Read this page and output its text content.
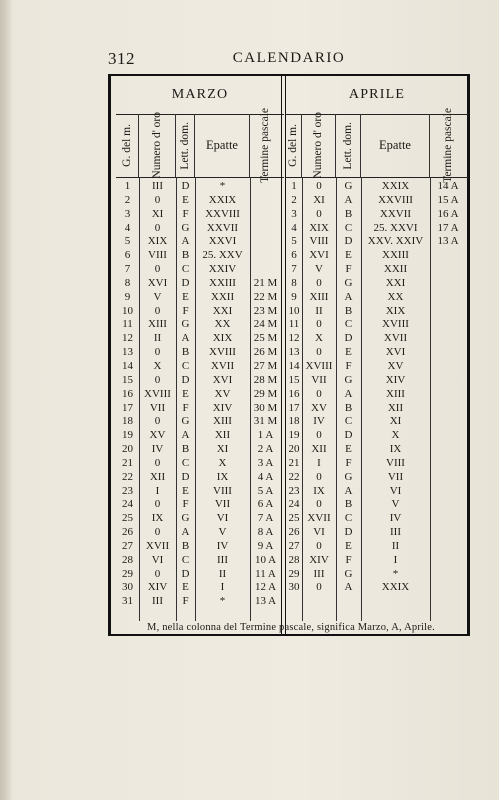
312	CALENDARIO
MARZO
G. del m. Numero d' oro Lett. dom. Epatte Termine pascale
1	III	D	*
2	0	E	XXIX
3	XI	F	XXVIII
4	0	G	XXVII
5	XIX	A	XXVI
6	VIII	B	25. XXV
7	0	C	XXIV
8	XVI	D	XXIII	21 M
9	V	E	XXII	22 M
10	0	F	XXI	23 M
11	XIII	G	XX	24 M
12	II	A	XIX	25 M
13	0	B	XVIII	26 M
14	X	C	XVII	27 M
15	0	D	XVI	28 M
16	XVIII	E	XV	29 M
17	VII	F	XIV	30 M
18	0	G	XIII	31 M
19	XV	A	XII	1 A
20	IV	B	XI	2 A
21	0	C	X	3 A
22	XII	D	IX	4 A
23	I	E	VIII	5 A
24	0	F	VII	6 A
25	IX	G	VI	7 A
26	0	A	V	8 A
27	XVII	B	IV	9 A
28	VI	C	III	10 A
29	0	D	II	11 A
30	XIV	E	I	12 A
31	III	F	*	13 A
APRILE
G. del m. Numero d' oro Lett. dom. Epatte	Termine pascale
1	0	G	XXIX	14 A
2	XI	A	XXVIII	15 A
3	0	B	XXVII	16 A
4	XIX	C	25. XXVI	17 A
5	VIII	D	XXV. XXIV	13 A
6	XVI	E	XXIII
7	V	F	XXII
8	0	G	XXI
9	XIII	A	XX
10	II	B	XIX
11	0	C	XVIII
12	X	D	XVII
13	0	E	XVI
14 XVIII	F	XV
15	VII	G	XIV
16	0	A	XIII
17	XV	B	XII
18	IV	C	XI
19	0	D	X
20	XII	E	IX
21	I	F	VIII
22	0	G	VII
23	IX	A	VI
24	0	B	V
25 XVII	C	IV
26	VI	D	III
27	0	E	II
28 XIV	F	I
29	III	G	*
30	0	A	XXIX
M, nella colonna del Termine pascale, significa Marzo, A, Aprile.
